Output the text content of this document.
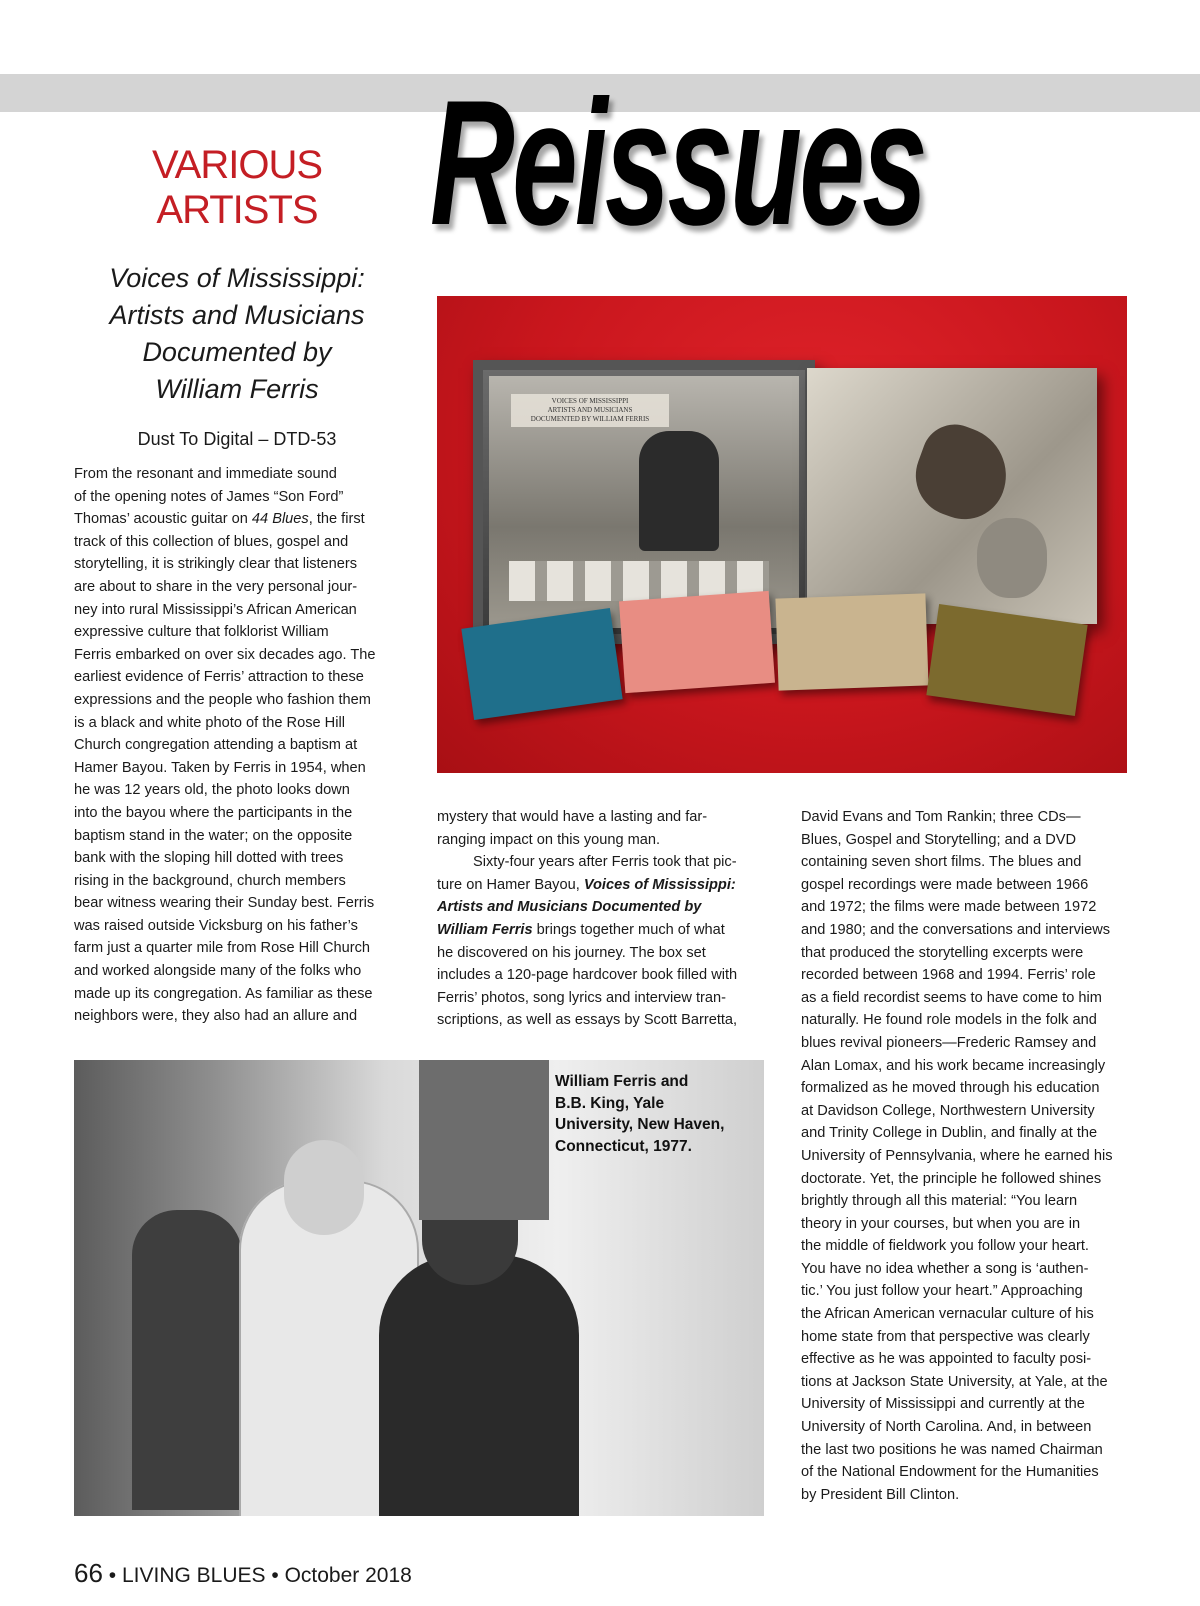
Reissues
VARIOUS
ARTISTS
Voices of Mississippi:
Artists and Musicians
Documented by
William Ferris
Dust To Digital – DTD-53
From the resonant and immediate sound
of the opening notes of James “Son Ford”
Thomas’ acoustic guitar on 44 Blues, the first
track of this collection of blues, gospel and
storytelling, it is strikingly clear that listeners
are about to share in the very personal jour-
ney into rural Mississippi’s African American
expressive culture that folklorist William
Ferris embarked on over six decades ago. The
earliest evidence of Ferris’ attraction to these
expressions and the people who fashion them
is a black and white photo of the Rose Hill
Church congregation attending a baptism at
Hamer Bayou. Taken by Ferris in 1954, when
he was 12 years old, the photo looks down
into the bayou where the participants in the
baptism stand in the water; on the opposite
bank with the sloping hill dotted with trees
rising in the background, church members
bear witness wearing their Sunday best. Ferris
was raised outside Vicksburg on his father’s
farm just a quarter mile from Rose Hill Church
and worked alongside many of the folks who
made up its congregation. As familiar as these
neighbors were, they also had an allure and
VOICES OF MISSISSIPPI
ARTISTS AND MUSICIANS
DOCUMENTED BY WILLIAM FERRIS
mystery that would have a lasting and far-
ranging impact on this young man.
Sixty-four years after Ferris took that pic-
ture on Hamer Bayou, Voices of Mississippi:
Artists and Musicians Documented by
William Ferris brings together much of what
he discovered on his journey. The box set
includes a 120-page hardcover book filled with
Ferris’ photos, song lyrics and interview tran-
scriptions, as well as essays by Scott Barretta,
David Evans and Tom Rankin; three CDs—
Blues, Gospel and Storytelling; and a DVD
containing seven short films. The blues and
gospel recordings were made between 1966
and 1972; the films were made between 1972
and 1980; and the conversations and interviews
that produced the storytelling excerpts were
recorded between 1968 and 1994. Ferris’ role
as a field recordist seems to have come to him
naturally. He found role models in the folk and
blues revival pioneers—Frederic Ramsey and
Alan Lomax, and his work became increasingly
formalized as he moved through his education
at Davidson College, Northwestern University
and Trinity College in Dublin, and finally at the
University of Pennsylvania, where he earned his
doctorate. Yet, the principle he followed shines
brightly through all this material: “You learn
theory in your courses, but when you are in
the middle of fieldwork you follow your heart.
You have no idea whether a song is ‘authen-
tic.’ You just follow your heart.” Approaching
the African American vernacular culture of his
home state from that perspective was clearly
effective as he was appointed to faculty posi-
tions at Jackson State University, at Yale, at the
University of Mississippi and currently at the
University of North Carolina. And, in between
the last two positions he was named Chairman
of the National Endowment for the Humanities
by President Bill Clinton.
William Ferris and
B.B. King, Yale
University, New Haven,
Connecticut, 1977.
66 • LIVING BLUES • October 2018
